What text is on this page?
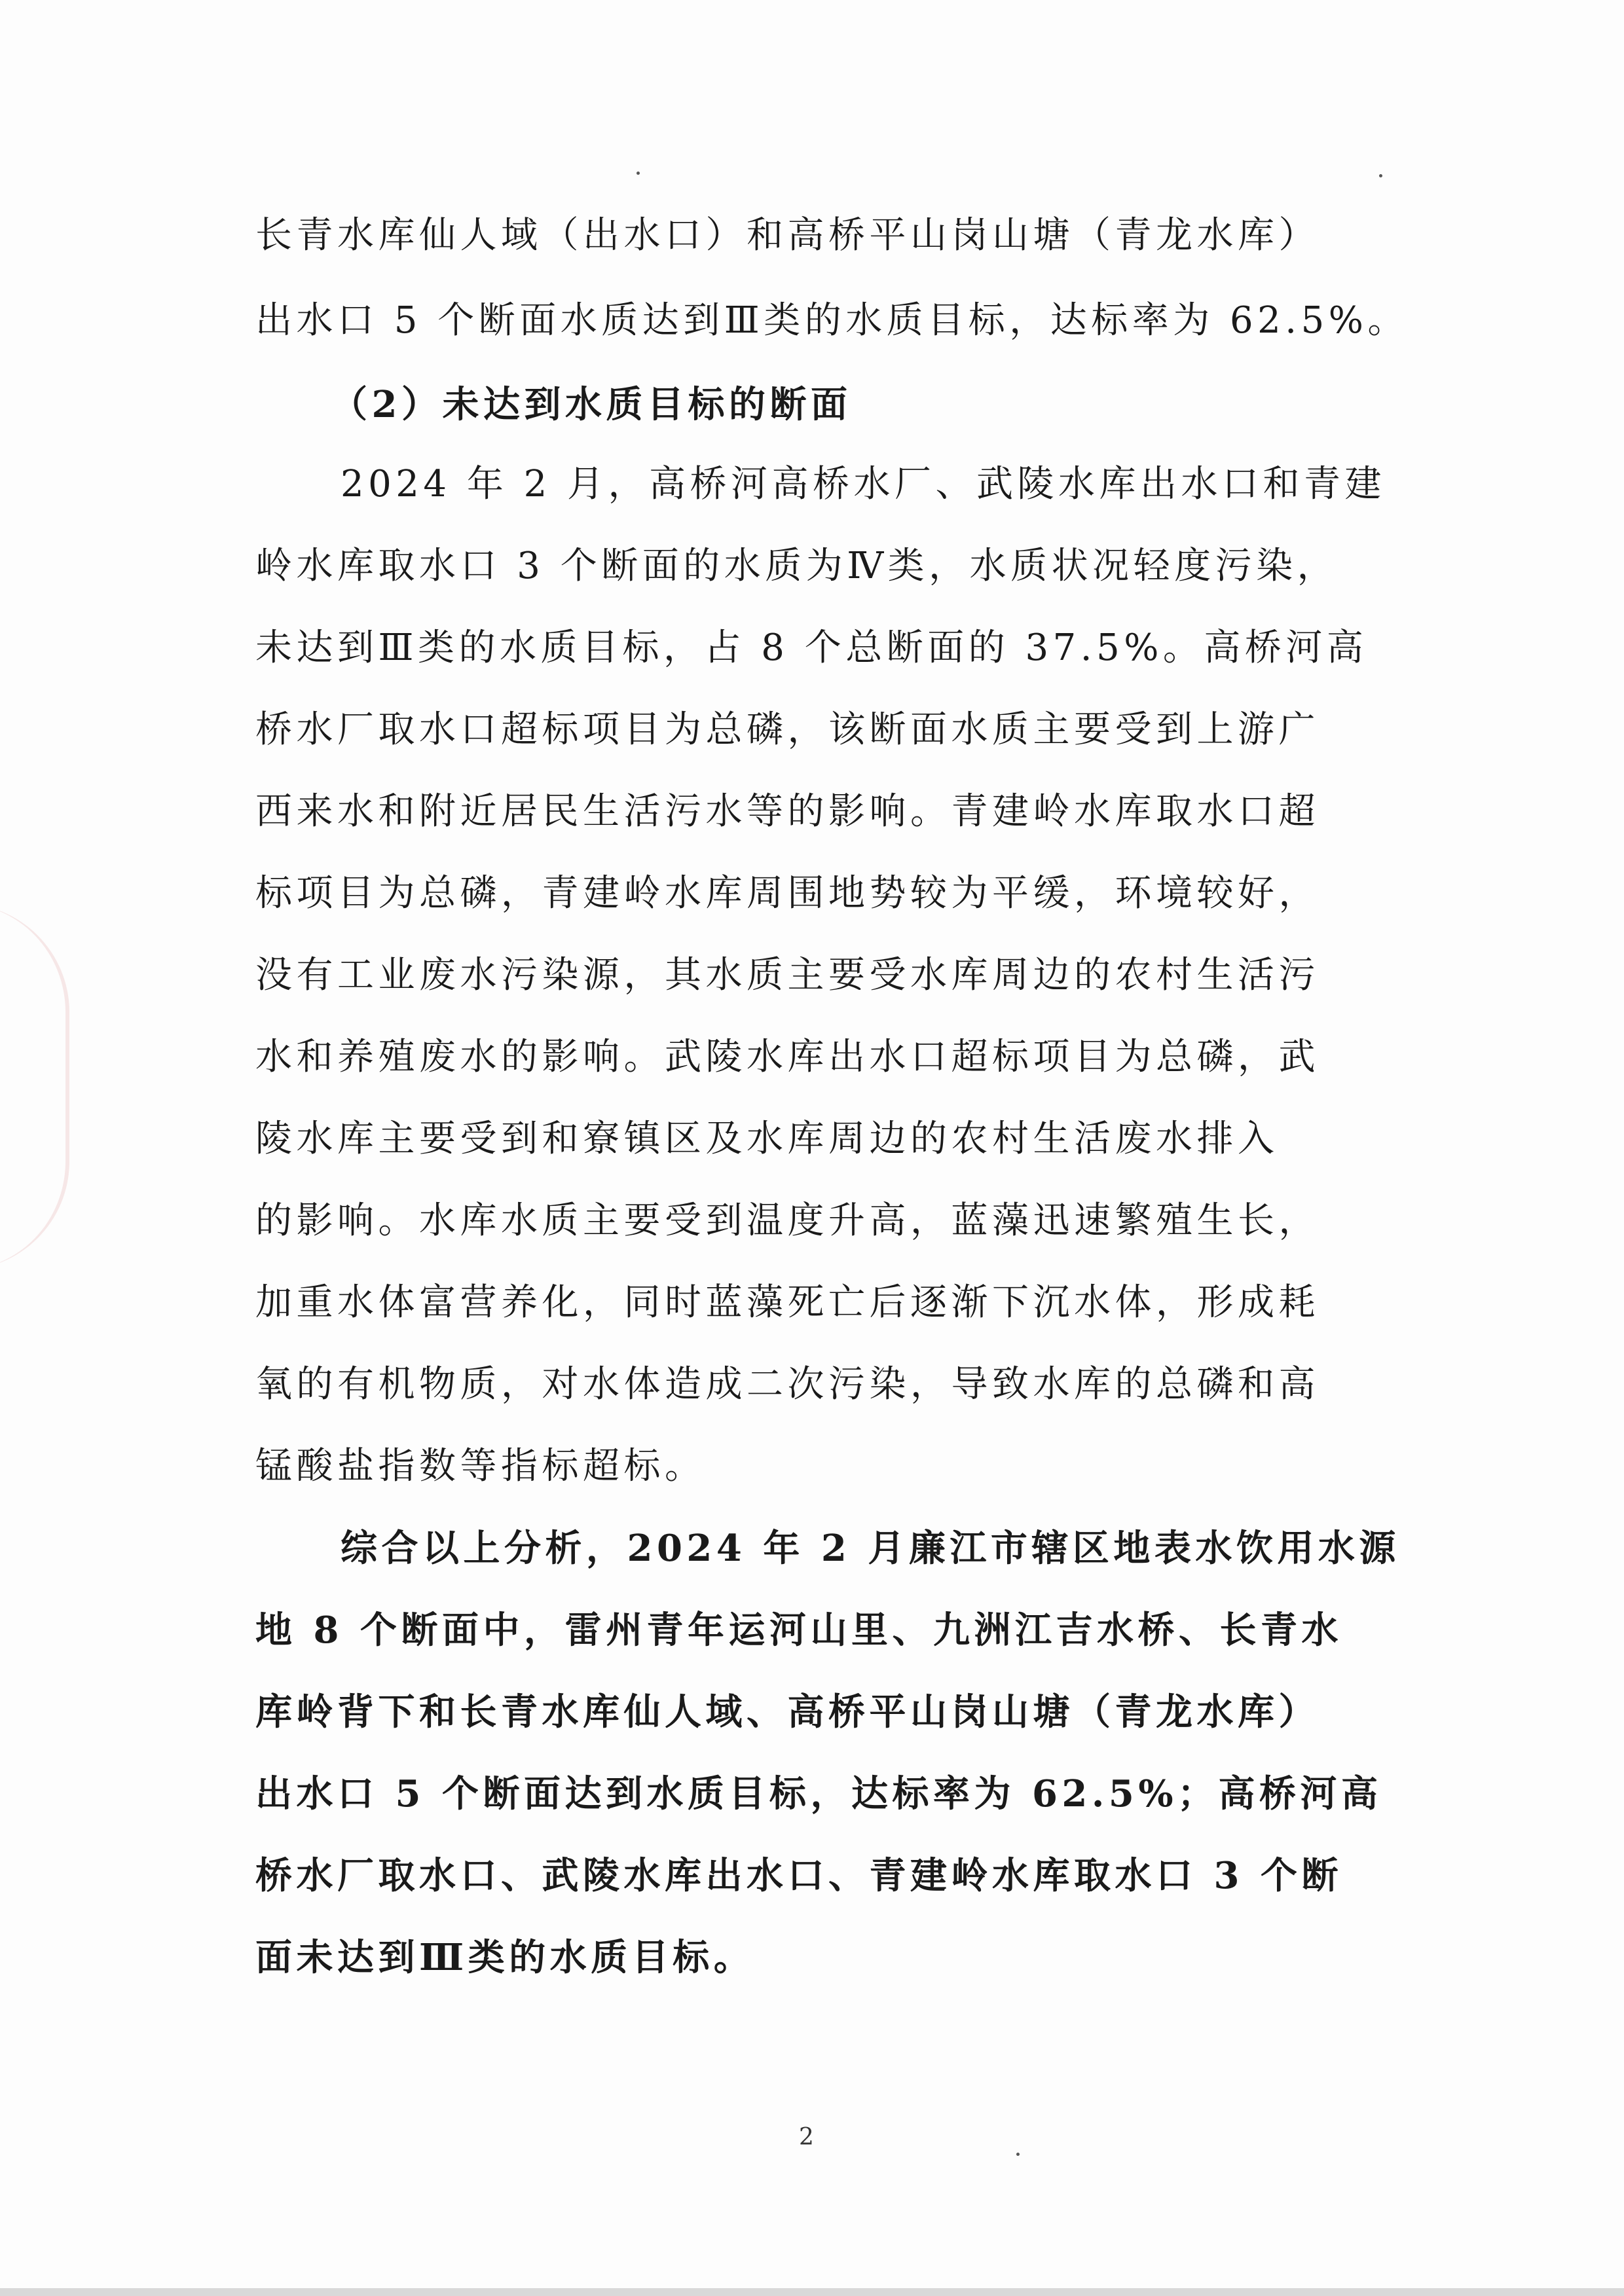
长青水库仙人域（出水口）和高桥平山岗山塘（青龙水库）
出水口 5 个断面水质达到Ⅲ类的水质目标，达标率为 62.5%。
（2）未达到水质目标的断面
2024 年 2 月，高桥河高桥水厂、武陵水库出水口和青建
岭水库取水口 3 个断面的水质为Ⅳ类，水质状况轻度污染，
未达到Ⅲ类的水质目标，占 8 个总断面的 37.5%。高桥河高
桥水厂取水口超标项目为总磷，该断面水质主要受到上游广
西来水和附近居民生活污水等的影响。青建岭水库取水口超
标项目为总磷，青建岭水库周围地势较为平缓，环境较好，
没有工业废水污染源，其水质主要受水库周边的农村生活污
水和养殖废水的影响。武陵水库出水口超标项目为总磷，武
陵水库主要受到和寮镇区及水库周边的农村生活废水排入
的影响。水库水质主要受到温度升高，蓝藻迅速繁殖生长，
加重水体富营养化，同时蓝藻死亡后逐渐下沉水体，形成耗
氧的有机物质，对水体造成二次污染，导致水库的总磷和高
锰酸盐指数等指标超标。
综合以上分析，2024 年 2 月廉江市辖区地表水饮用水源
地 8 个断面中，雷州青年运河山里、九洲江吉水桥、长青水
库岭背下和长青水库仙人域、高桥平山岗山塘（青龙水库）
出水口 5 个断面达到水质目标，达标率为 62.5%；高桥河高
桥水厂取水口、武陵水库出水口、青建岭水库取水口 3 个断
面未达到Ⅲ类的水质目标。
2
